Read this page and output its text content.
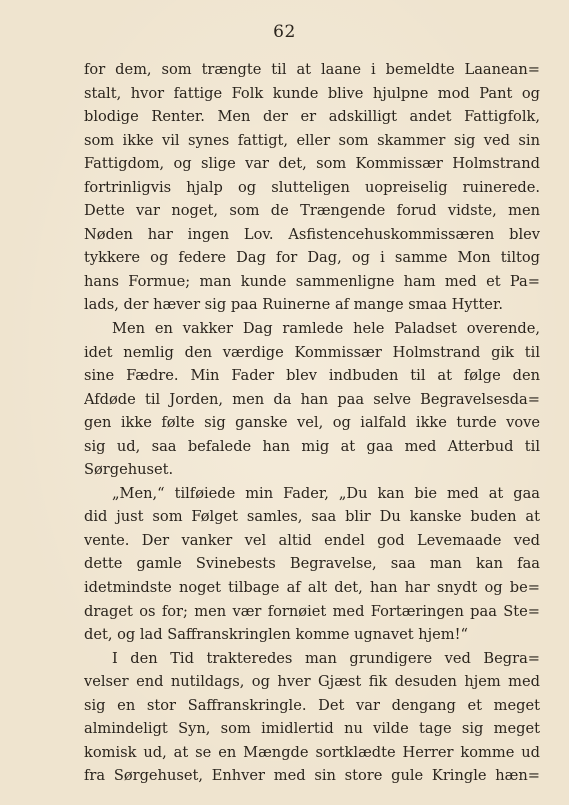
62
for dem, som trængte til at laane i bemeldte Laanean=
stalt, hvor fattige Folk kunde blive hjulpne mod Pant og
blodige Renter. Men der er adskilligt andet Fattigfolk,
som ikke vil synes fattigt, eller som skammer sig ved sin
Fattigdom, og slige var det, som Kommissær Holmstrand
fortrinligvis hjalp og slutteligen uopreiselig ruinerede.
Dette var noget, som de Trængende forud vidste, men
Nøden har ingen Lov. Asfistencehuskommissæren blev
tykkere og federe Dag for Dag, og i samme Mon tiltog
hans Formue; man kunde sammenligne ham med et Pa=
lads, der hæver sig paa Ruinerne af mange smaa Hytter.
Men en vakker Dag ramlede hele Paladset overende,
idet nemlig den værdige Kommissær Holmstrand gik til
sine Fædre. Min Fader blev indbuden til at følge den
Afdøde til Jorden, men da han paa selve Begravelsesda=
gen ikke følte sig ganske vel, og ialfald ikke turde vove
sig ud, saa befalede han mig at gaa med Atterbud til
Sørgehuset.
„Men,“ tilføiede min Fader, „Du kan bie med at gaa
did just som Følget samles, saa blir Du kanske buden at
vente. Der vanker vel altid endel god Levemaade ved
dette gamle Svinebests Begravelse, saa man kan faa
idetmindste noget tilbage af alt det, han har snydt og be=
draget os for; men vær fornøiet med Fortæringen paa Ste=
det, og lad Saffranskringlen komme ugnavet hjem!“
I den Tid trakteredes man grundigere ved Begra=
velser end nutildags, og hver Gjæst fik desuden hjem med
sig en stor Saffranskringle. Det var dengang et meget
almindeligt Syn, som imidlertid nu vilde tage sig meget
komisk ud, at se en Mængde sortklædte Herrer komme ud
fra Sørgehuset, Enhver med sin store gule Kringle hæn=
